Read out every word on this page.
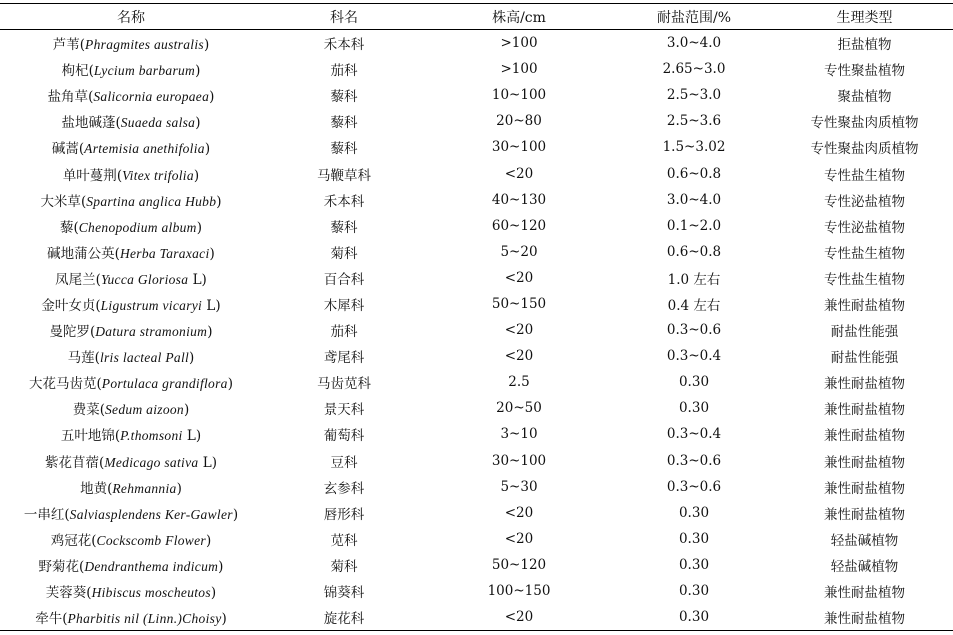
名称	科名	株高/cm	耐盐范围/%	生理类型
芦苇(Phragmites australis)	禾本科	>100	3.0~4.0	拒盐植物
枸杞(Lycium barbarum)	茄科	>100	2.65~3.0	专性聚盐植物
盐角草(Salicornia europaea)	藜科	10~100	2.5~3.0	聚盐植物
盐地碱蓬(Suaeda salsa)	藜科	20~80	2.5~3.6	专性聚盐肉质植物
碱蒿(Artemisia anethifolia)	藜科	30~100	1.5~3.02	专性聚盐肉质植物
单叶蔓荆(Vitex trifolia)	马鞭草科	<20	0.6~0.8	专性盐生植物
大米草(Spartina anglica Hubb)	禾本科	40~130	3.0~4.0	专性泌盐植物
藜(Chenopodium album)	藜科	60~120	0.1~2.0	专性泌盐植物
碱地蒲公英(Herba Taraxaci)	菊科	5~20	0.6~0.8	专性盐生植物
凤尾兰(Yucca Gloriosa L)	百合科	<20	1.0 左右	专性盐生植物
金叶女贞(Ligustrum vicaryi L)	木犀科	50~150	0.4 左右	兼性耐盐植物
曼陀罗(Datura stramonium)	茄科	<20	0.3~0.6	耐盐性能强
马莲(lris lacteal Pall)	鸢尾科	<20	0.3~0.4	耐盐性能强
大花马齿苋(Portulaca grandiflora)	马齿苋科	2.5	0.30	兼性耐盐植物
费菜(Sedum aizoon)	景天科	20~50	0.30	兼性耐盐植物
五叶地锦(P.thomsoni L)	葡萄科	3~10	0.3~0.4	兼性耐盐植物
紫花苜蓿(Medicago sativa L)	豆科	30~100	0.3~0.6	兼性耐盐植物
地黄(Rehmannia)	玄参科	5~30	0.3~0.6	兼性耐盐植物
一串红(Salviasplendens Ker-Gawler)	唇形科	<20	0.30	兼性耐盐植物
鸡冠花(Cockscomb Flower)	苋科	<20	0.30	轻盐碱植物
野菊花(Dendranthema indicum)	菊科	50~120	0.30	轻盐碱植物
芙蓉葵(Hibiscus moscheutos)	锦葵科	100~150	0.30	兼性耐盐植物
牵牛(Pharbitis nil (Linn.)Choisy)	旋花科	<20	0.30	兼性耐盐植物
